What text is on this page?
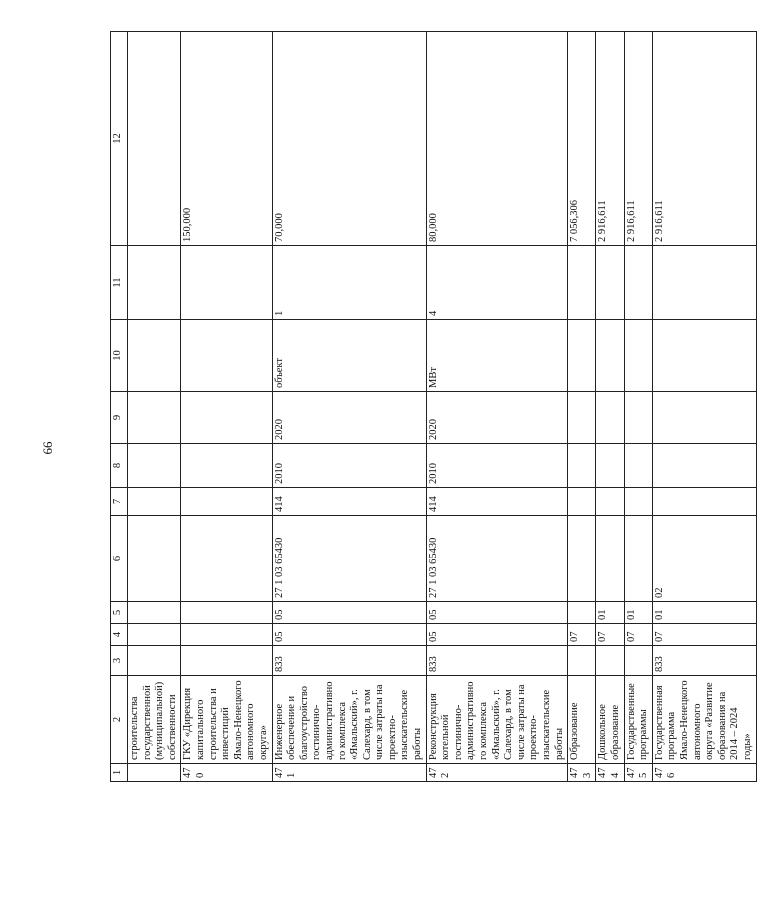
66
1	2	3	4	5	6	7	8	9	10	11	12
	строительства государственной (муниципальной) собственности										
470	ГКУ «Дирекция капитального строительства и инвестиций Ямало-Ненецкого автономного округа»										150,000
471	Инженерное обеспечение и благоустройство гостинично-административного комплекса «Ямальский», г. Салехард, в том числе затраты на проектно-изыскательские работы	833	05	05	27 1 03 65430	414	2010	2020	объект	1	70,000
472	Реконструкция котельной гостинично-административного комплекса «Ямальский», г. Салехард, в том числе затраты на проектно-изыскательские работы	833	05	05	27 1 03 65430	414	2010	2020	МВт	4	80,000
473	Образование		07								7 056,306
474	Дошкольное образование		07	01							2 916,611
475	Государственные программы		07	01							2 916,611
476	Государственная программа Ямало-Ненецкого автономного округа «Развитие образования на 2014 – 2024 годы»	833	07	01	02						2 916,611
